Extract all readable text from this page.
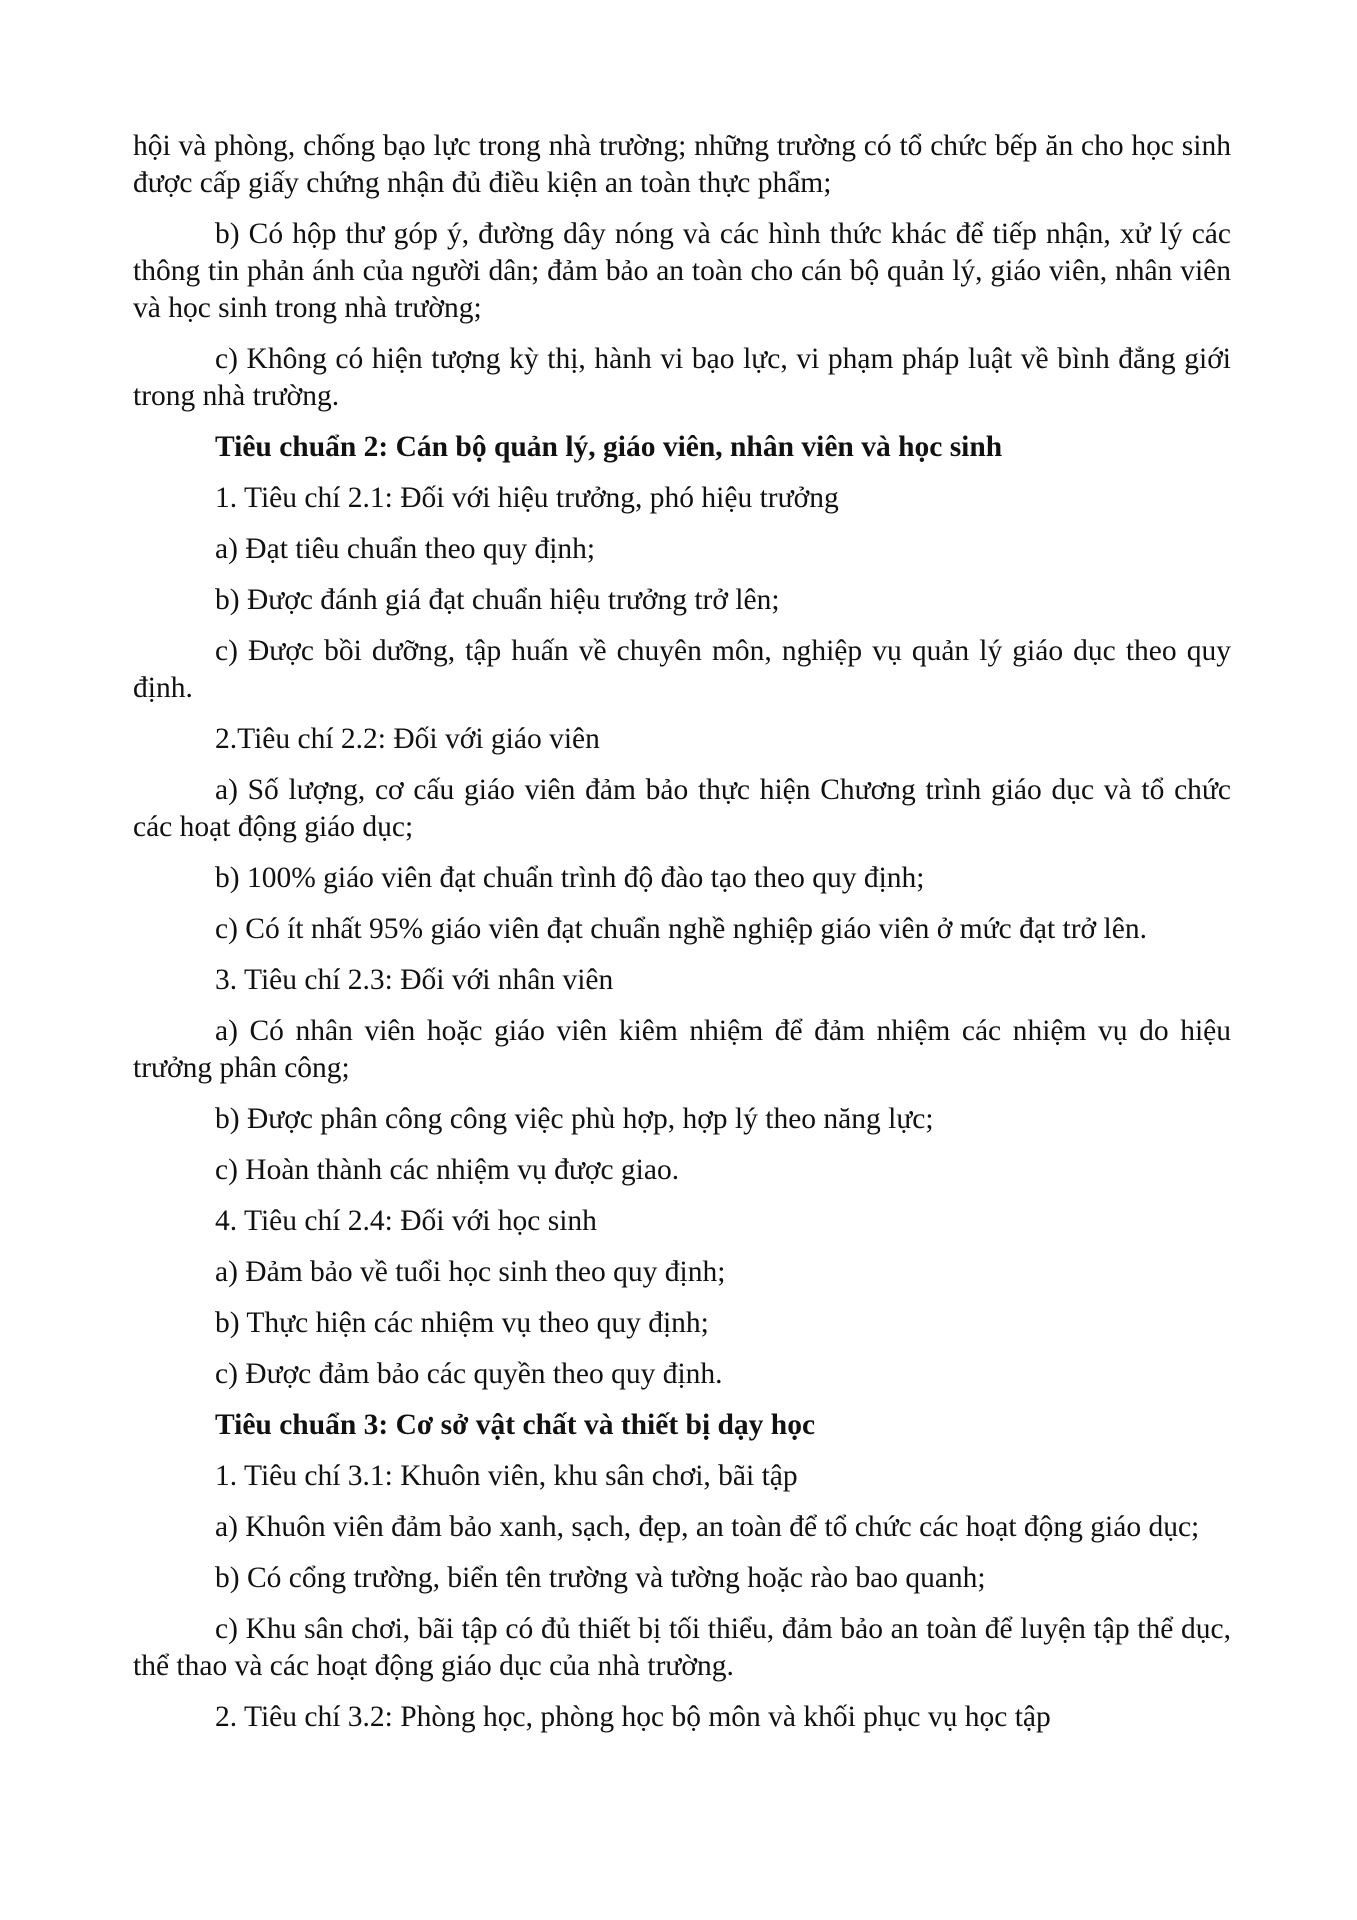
hội và phòng, chống bạo lực trong nhà trường; những trường có tổ chức bếp ăn cho học sinh được cấp giấy chứng nhận đủ điều kiện an toàn thực phẩm;

b) Có hộp thư góp ý, đường dây nóng và các hình thức khác để tiếp nhận, xử lý các thông tin phản ánh của người dân; đảm bảo an toàn cho cán bộ quản lý, giáo viên, nhân viên và học sinh trong nhà trường;

c) Không có hiện tượng kỳ thị, hành vi bạo lực, vi phạm pháp luật về bình đẳng giới trong nhà trường.

Tiêu chuẩn 2: Cán bộ quản lý, giáo viên, nhân viên và học sinh

1. Tiêu chí 2.1: Đối với hiệu trưởng, phó hiệu trưởng

a) Đạt tiêu chuẩn theo quy định;

b) Được đánh giá đạt chuẩn hiệu trưởng trở lên;

c) Được bồi dưỡng, tập huấn về chuyên môn, nghiệp vụ quản lý giáo dục theo quy định.

2.Tiêu chí 2.2: Đối với giáo viên

a) Số lượng, cơ cấu giáo viên đảm bảo thực hiện Chương trình giáo dục và tổ chức các hoạt động giáo dục;

b) 100% giáo viên đạt chuẩn trình độ đào tạo theo quy định;

c) Có ít nhất 95% giáo viên đạt chuẩn nghề nghiệp giáo viên ở mức đạt trở lên.

3. Tiêu chí 2.3: Đối với nhân viên

a) Có nhân viên hoặc giáo viên kiêm nhiệm để đảm nhiệm các nhiệm vụ do hiệu trưởng phân công;

b) Được phân công công việc phù hợp, hợp lý theo năng lực;

c) Hoàn thành các nhiệm vụ được giao.

4. Tiêu chí 2.4: Đối với học sinh

a) Đảm bảo về tuổi học sinh theo quy định;

b) Thực hiện các nhiệm vụ theo quy định;

c) Được đảm bảo các quyền theo quy định.

Tiêu chuẩn 3: Cơ sở vật chất và thiết bị dạy học

1. Tiêu chí 3.1: Khuôn viên, khu sân chơi, bãi tập

a) Khuôn viên đảm bảo xanh, sạch, đẹp, an toàn để tổ chức các hoạt động giáo dục;

b) Có cổng trường, biển tên trường và tường hoặc rào bao quanh;

c) Khu sân chơi, bãi tập có đủ thiết bị tối thiểu, đảm bảo an toàn để luyện tập thể dục, thể thao và các hoạt động giáo dục của nhà trường.

2. Tiêu chí 3.2: Phòng học, phòng học bộ môn và khối phục vụ học tập
